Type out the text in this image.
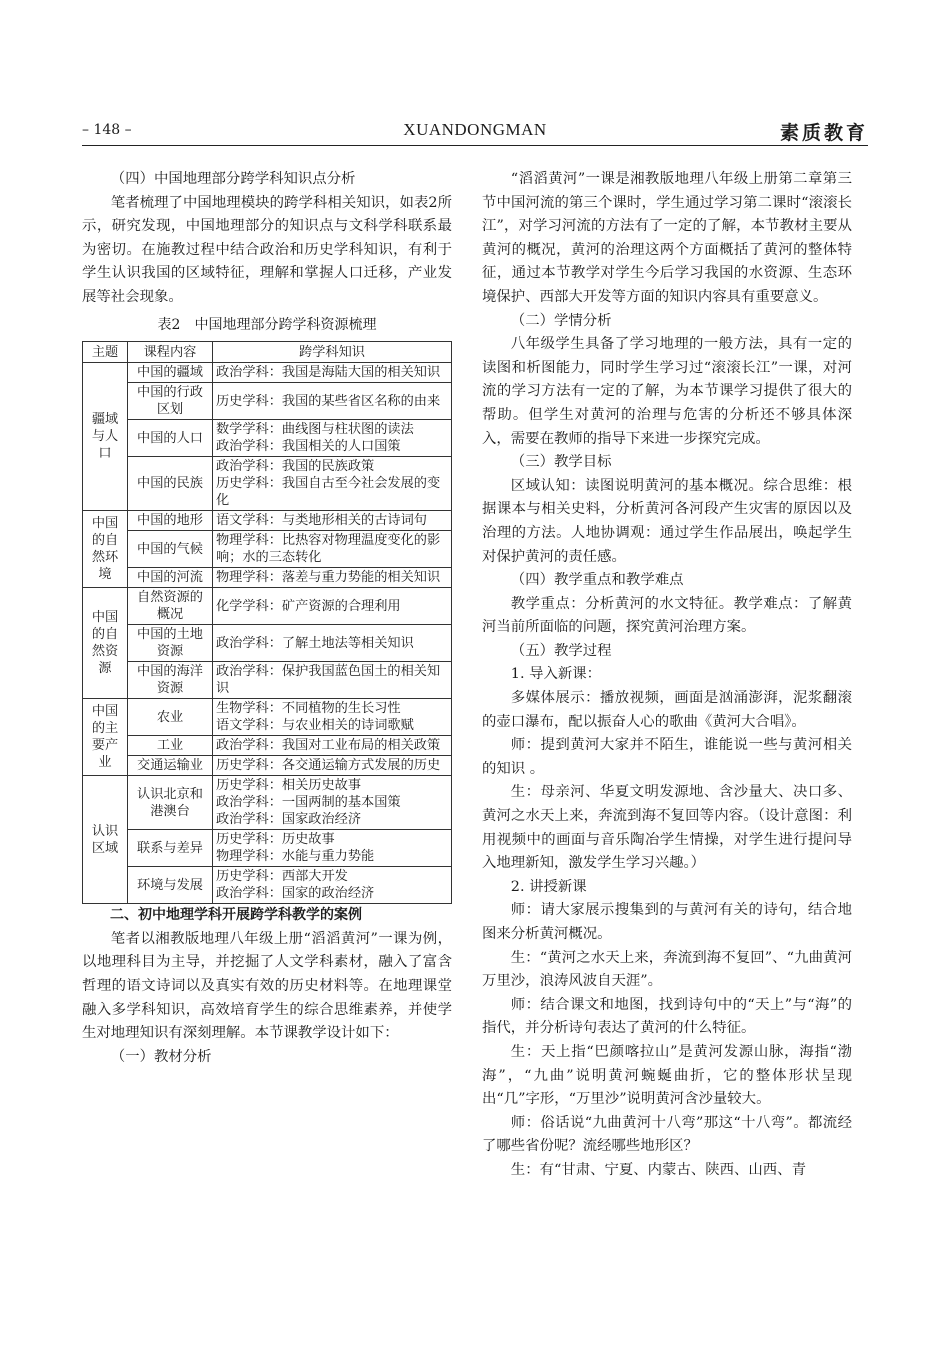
– 148 –	XUANDONGMAN	素质教育

（四）中国地理部分跨学科知识点分析

笔者梳理了中国地理模块的跨学科相关知识，如表2所示，研究发现，中国地理部分的知识点与文科学科联系最为密切。在施教过程中结合政治和历史学科知识，有利于学生认识我国的区域特征，理解和掌握人口迁移，产业发展等社会现象。

表2　中国地理部分跨学科资源梳理
主题	课程内容	跨学科知识
疆域与人口	中国的疆域	政治学科：我国是海陆大国的相关知识

	中国的行政区划	历史学科：我国的某些省区名称的由来

	中国的人口	数学学科：曲线图与柱状图的读法
政治学科：我国相关的人口国策

	中国的民族	政治学科：我国的民族政策
历史学科：我国自古至今社会发展的变化

中国的自然环境	中国的地形	语文学科：与类地形相关的古诗词句

	中国的气候	物理学科：比热容对物理温度变化的影响；水的三态转化

	中国的河流	物理学科：落差与重力势能的相关知识

中国的自然资源	自然资源的概况	化学学科：矿产资源的合理利用

	中国的土地资源	政治学科：了解土地法等相关知识

	中国的海洋资源	政治学科：保护我国蓝色国土的相关知识

中国的主要产业	农业	生物学科：不同植物的生长习性
语文学科：与农业相关的诗词歌赋

	工业	政治学科：我国对工业布局的相关政策

	交通运输业	历史学科：各交通运输方式发展的历史

认识区域	认识北京和港澳台	历史学科：相关历史故事
政治学科：一国两制的基本国策
政治学科：国家政治经济

	联系与差异	历史学科：历史故事
物理学科：水能与重力势能

	环境与发展	历史学科：西部大开发
政治学科：国家的政治经济

二、初中地理学科开展跨学科教学的案例

笔者以湘教版地理八年级上册“滔滔黄河”一课为例，以地理科目为主导，并挖掘了人文学科素材，融入了富含哲理的语文诗词以及真实有效的历史材料等。在地理课堂融入多学科知识，高效培育学生的综合思维素养，并使学生对地理知识有深刻理解。本节课教学设计如下：

（一）教材分析

“滔滔黄河”一课是湘教版地理八年级上册第二章第三节中国河流的第三个课时，学生通过学习第二课时“滚滚长江”，对学习河流的方法有了一定的了解，本节教材主要从黄河的概况，黄河的治理这两个方面概括了黄河的整体特征，通过本节教学对学生今后学习我国的水资源、生态环境保护、西部大开发等方面的知识内容具有重要意义。

（二）学情分析

八年级学生具备了学习地理的一般方法，具有一定的读图和析图能力，同时学生学习过“滚滚长江”一课，对河流的学习方法有一定的了解，为本节课学习提供了很大的帮助。但学生对黄河的治理与危害的分析还不够具体深入，需要在教师的指导下来进一步探究完成。

（三）教学目标

区域认知：读图说明黄河的基本概况。综合思维：根据课本与相关史料，分析黄河各河段产生灾害的原因以及治理的方法。人地协调观：通过学生作品展出，唤起学生对保护黄河的责任感。

（四）教学重点和教学难点

教学重点：分析黄河的水文特征。教学难点：了解黄河当前所面临的问题，探究黄河治理方案。

（五）教学过程

1. 导入新课：

多媒体展示：播放视频，画面是汹涌澎湃，泥浆翻滚的壶口瀑布，配以振奋人心的歌曲《黄河大合唱》。

师：提到黄河大家并不陌生，谁能说一些与黄河相关的知识 。

生：母亲河、华夏文明发源地、含沙量大、决口多、黄河之水天上来，奔流到海不复回等内容。（设计意图：利用视频中的画面与音乐陶冶学生情操，对学生进行提问导入地理新知，激发学生学习兴趣。）

2. 讲授新课

师：请大家展示搜集到的与黄河有关的诗句，结合地图来分析黄河概况。

生：“黄河之水天上来，奔流到海不复回”、“九曲黄河万里沙，浪涛风波自天涯”。

师：结合课文和地图，找到诗句中的“天上”与“海”的指代，并分析诗句表达了黄河的什么特征。

生：天上指“巴颜喀拉山”是黄河发源山脉，海指“渤海”，“九曲”说明黄河蜿蜒曲折，它的整体形状呈现出“几”字形，“万里沙”说明黄河含沙量较大。

师：俗话说“九曲黄河十八弯”那这“十八弯”。都流经了哪些省份呢？流经哪些地形区？

生：有“甘肃、宁夏、内蒙古、陕西、山西、青
